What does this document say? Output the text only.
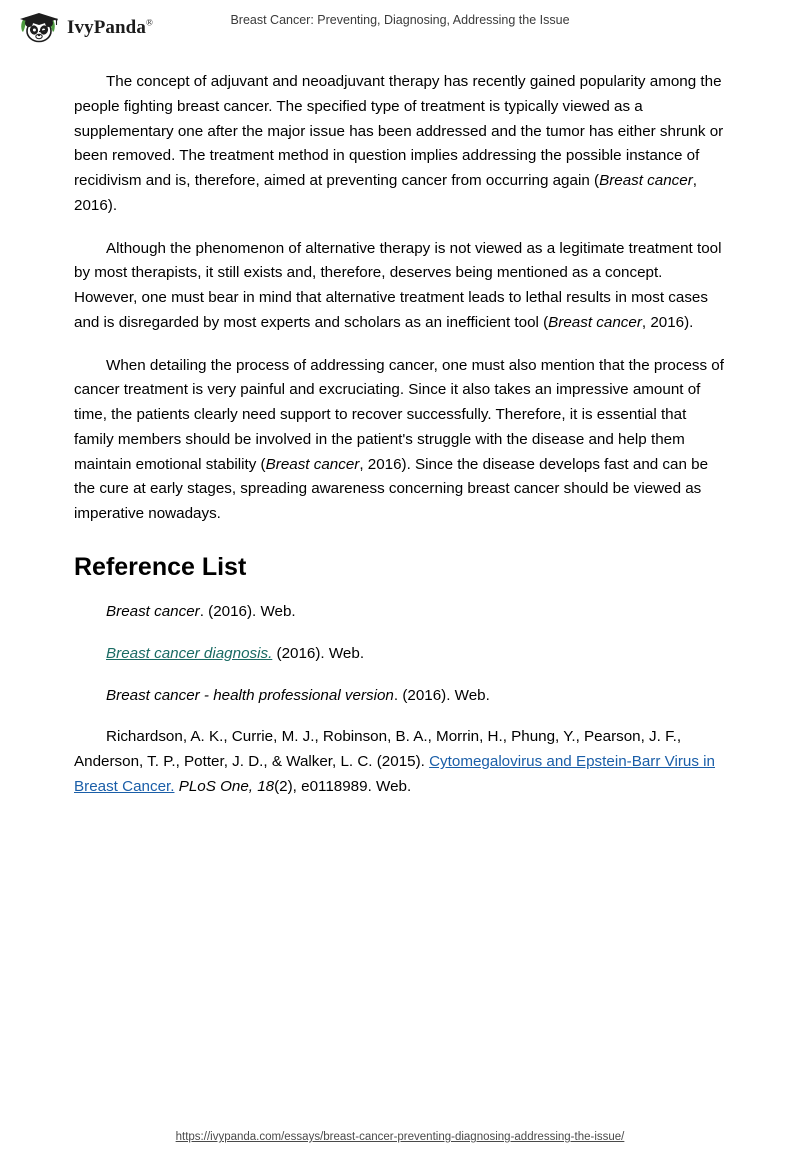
IvyPanda®	Breast Cancer: Preventing, Diagnosing, Addressing the Issue

The concept of adjuvant and neoadjuvant therapy has recently gained popularity among the people fighting breast cancer. The specified type of treatment is typically viewed as a supplementary one after the major issue has been addressed and the tumor has either shrunk or been removed. The treatment method in question implies addressing the possible instance of recidivism and is, therefore, aimed at preventing cancer from occurring again (Breast cancer, 2016).

Although the phenomenon of alternative therapy is not viewed as a legitimate treatment tool by most therapists, it still exists and, therefore, deserves being mentioned as a concept. However, one must bear in mind that alternative treatment leads to lethal results in most cases and is disregarded by most experts and scholars as an inefficient tool (Breast cancer, 2016).

When detailing the process of addressing cancer, one must also mention that the process of cancer treatment is very painful and excruciating. Since it also takes an impressive amount of time, the patients clearly need support to recover successfully. Therefore, it is essential that family members should be involved in the patient's struggle with the disease and help them maintain emotional stability (Breast cancer, 2016). Since the disease develops fast and can be the cure at early stages, spreading awareness concerning breast cancer should be viewed as imperative nowadays.

Reference List

Breast cancer. (2016). Web.

Breast cancer diagnosis. (2016). Web.

Breast cancer - health professional version. (2016). Web.

Richardson, A. K., Currie, M. J., Robinson, B. A., Morrin, H., Phung, Y., Pearson, J. F., Anderson, T. P., Potter, J. D., & Walker, L. C. (2015). Cytomegalovirus and Epstein-Barr Virus in Breast Cancer. PLoS One, 18(2), e0118989. Web.

https://ivypanda.com/essays/breast-cancer-preventing-diagnosing-addressing-the-issue/
